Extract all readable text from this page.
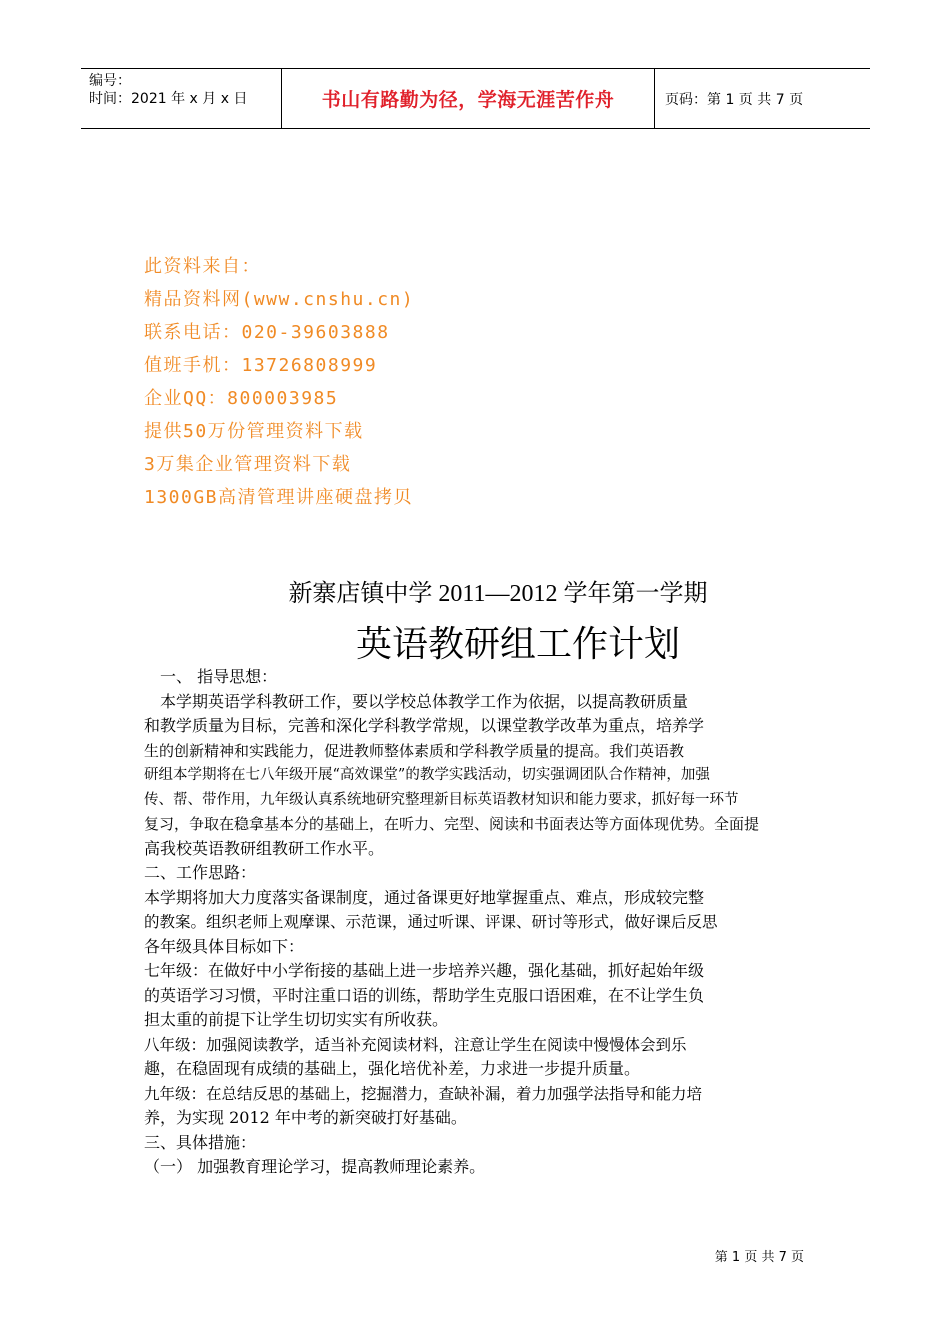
编号：
时间：2021 年 x 月 x 日	书山有路勤为径，学海无涯苦作舟	页码：第 1 页 共 7 页
此资料来自：
精品资料网(www.cnshu.cn)
联系电话：020-39603888
值班手机：13726808999
企业QQ：800003985
提供50万份管理资料下载
3万集企业管理资料下载
1300GB高清管理讲座硬盘拷贝
新寨店镇中学 2011—2012 学年第一学期
英语教研组工作计划

　一、 指导思想：

　本学期英语学科教研工作，要以学校总体教学工作为依据，以提高教研质量

和教学质量为目标，完善和深化学科教学常规，以课堂教学改革为重点，培养学

生的创新精神和实践能力，促进教师整体素质和学科教学质量的提高。我们英语教

研组本学期将在七八年级开展“高效课堂”的教学实践活动，切实强调团队合作精神，加强

传、帮、带作用，九年级认真系统地研究整理新目标英语教材知识和能力要求，抓好每一环节

复习，争取在稳拿基本分的基础上，在听力、完型、阅读和书面表达等方面体现优势。全面提

高我校英语教研组教研工作水平。

二、工作思路：

本学期将加大力度落实备课制度，通过备课更好地掌握重点、难点，形成较完整

的教案。组织老师上观摩课、示范课，通过听课、评课、研讨等形式，做好课后反思

各年级具体目标如下：

七年级：在做好中小学衔接的基础上进一步培养兴趣，强化基础，抓好起始年级

的英语学习习惯，平时注重口语的训练，帮助学生克服口语困难，在不让学生负

担太重的前提下让学生切切实实有所收获。

八年级：加强阅读教学，适当补充阅读材料，注意让学生在阅读中慢慢体会到乐

趣，在稳固现有成绩的基础上，强化培优补差，力求进一步提升质量。

九年级：在总结反思的基础上，挖掘潜力，查缺补漏，着力加强学法指导和能力培

养，为实现 2012 年中考的新突破打好基础。

三、具体措施：

（一） 加强教育理论学习，提高教师理论素养。

第 1 页 共 7 页
